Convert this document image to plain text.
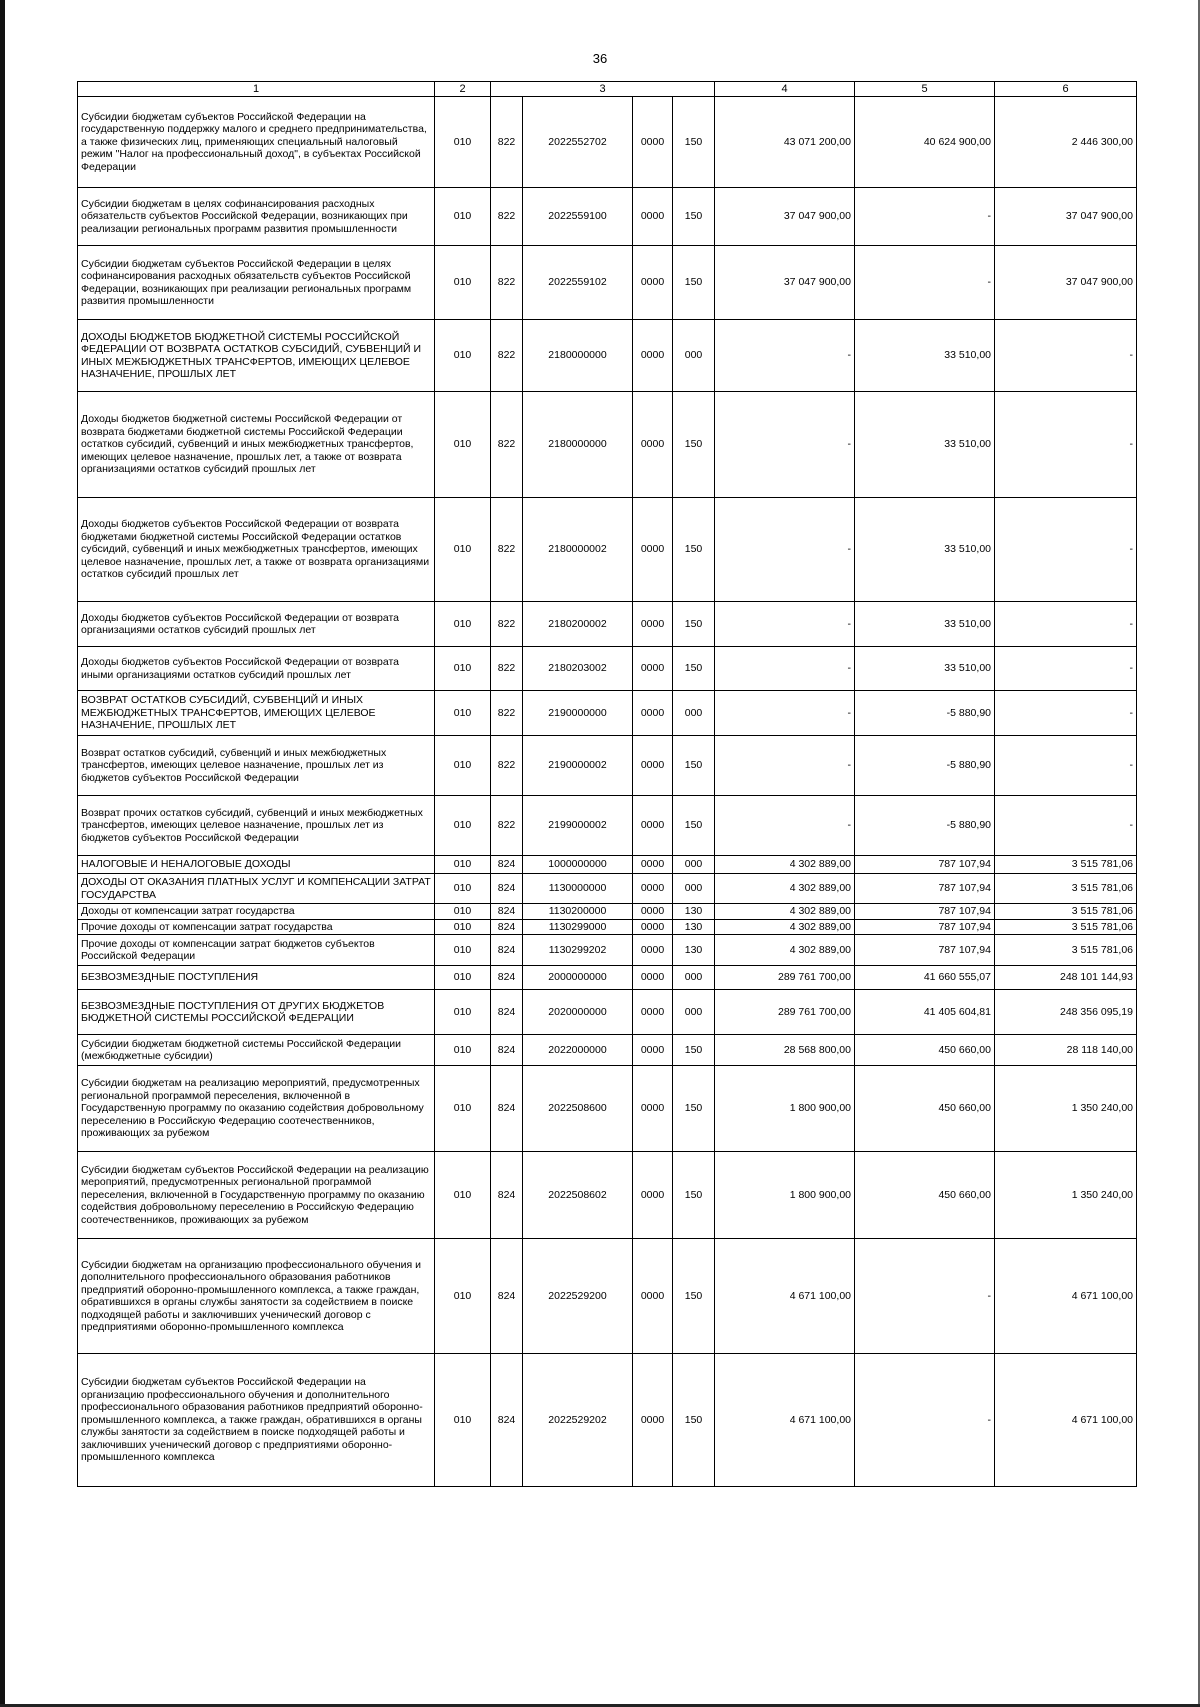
36
1	2	3				4	5	6
Субсидии бюджетам субъектов Российской Федерации на государственную поддержку малого и среднего предпринимательства, а также физических лиц, применяющих специальный налоговый режим "Налог на профессиональный доход", в субъектах Российской Федерации	010	822	2022552702	0000	150	43 071 200,00	40 624 900,00	2 446 300,00
Субсидии бюджетам в целях софинансирования расходных обязательств субъектов Российской Федерации, возникающих при реализации региональных программ развития промышленности	010	822	2022559100	0000	150	37 047 900,00	-	37 047 900,00
Субсидии бюджетам субъектов Российской Федерации в целях софинансирования расходных обязательств субъектов Российской Федерации, возникающих при реализации региональных программ развития промышленности	010	822	2022559102	0000	150	37 047 900,00	-	37 047 900,00
ДОХОДЫ БЮДЖЕТОВ БЮДЖЕТНОЙ СИСТЕМЫ РОССИЙСКОЙ ФЕДЕРАЦИИ ОТ ВОЗВРАТА ОСТАТКОВ СУБСИДИЙ, СУБВЕНЦИЙ И ИНЫХ МЕЖБЮДЖЕТНЫХ ТРАНСФЕРТОВ, ИМЕЮЩИХ ЦЕЛЕВОЕ НАЗНАЧЕНИЕ, ПРОШЛЫХ ЛЕТ	010	822	2180000000	0000	000	-	33 510,00	-
Доходы бюджетов бюджетной системы Российской Федерации от возврата бюджетами бюджетной системы Российской Федерации остатков субсидий, субвенций и иных межбюджетных трансфертов, имеющих целевое назначение, прошлых лет, а также от возврата организациями остатков субсидий прошлых лет	010	822	2180000000	0000	150	-	33 510,00	-
Доходы бюджетов субъектов Российской Федерации от возврата бюджетами бюджетной системы Российской Федерации остатков субсидий, субвенций и иных межбюджетных трансфертов, имеющих целевое назначение, прошлых лет, а также от возврата организациями остатков субсидий прошлых лет	010	822	2180000002	0000	150	-	33 510,00	-
Доходы бюджетов субъектов Российской Федерации от возврата организациями остатков субсидий прошлых лет	010	822	2180200002	0000	150	-	33 510,00	-
Доходы бюджетов субъектов Российской Федерации от возврата иными организациями остатков субсидий прошлых лет	010	822	2180203002	0000	150	-	33 510,00	-
ВОЗВРАТ ОСТАТКОВ СУБСИДИЙ, СУБВЕНЦИЙ И ИНЫХ МЕЖБЮДЖЕТНЫХ ТРАНСФЕРТОВ, ИМЕЮЩИХ ЦЕЛЕВОЕ НАЗНАЧЕНИЕ, ПРОШЛЫХ ЛЕТ	010	822	2190000000	0000	000	-	-5 880,90	-
Возврат остатков субсидий, субвенций и иных межбюджетных трансфертов, имеющих целевое назначение, прошлых лет из бюджетов субъектов Российской Федерации	010	822	2190000002	0000	150	-	-5 880,90	-
Возврат прочих остатков субсидий, субвенций и иных межбюджетных трансфертов, имеющих целевое назначение, прошлых лет из бюджетов субъектов Российской Федерации	010	822	2199000002	0000	150	-	-5 880,90	-
НАЛОГОВЫЕ И НЕНАЛОГОВЫЕ ДОХОДЫ	010	824	1000000000	0000	000	4 302 889,00	787 107,94	3 515 781,06
ДОХОДЫ ОТ ОКАЗАНИЯ ПЛАТНЫХ УСЛУГ И КОМПЕНСАЦИИ ЗАТРАТ ГОСУДАРСТВА	010	824	1130000000	0000	000	4 302 889,00	787 107,94	3 515 781,06
Доходы от компенсации затрат государства	010	824	1130200000	0000	130	4 302 889,00	787 107,94	3 515 781,06
Прочие доходы от компенсации затрат государства	010	824	1130299000	0000	130	4 302 889,00	787 107,94	3 515 781,06
Прочие доходы от компенсации затрат бюджетов субъектов Российской Федерации	010	824	1130299202	0000	130	4 302 889,00	787 107,94	3 515 781,06
БЕЗВОЗМЕЗДНЫЕ ПОСТУПЛЕНИЯ	010	824	2000000000	0000	000	289 761 700,00	41 660 555,07	248 101 144,93
БЕЗВОЗМЕЗДНЫЕ ПОСТУПЛЕНИЯ ОТ ДРУГИХ БЮДЖЕТОВ БЮДЖЕТНОЙ СИСТЕМЫ РОССИЙСКОЙ ФЕДЕРАЦИИ	010	824	2020000000	0000	000	289 761 700,00	41 405 604,81	248 356 095,19
Субсидии бюджетам бюджетной системы Российской Федерации (межбюджетные субсидии)	010	824	2022000000	0000	150	28 568 800,00	450 660,00	28 118 140,00
Субсидии бюджетам на реализацию мероприятий, предусмотренных региональной программой переселения, включенной в Государственную программу по оказанию содействия добровольному переселению в Российскую Федерацию соотечественников, проживающих за рубежом	010	824	2022508600	0000	150	1 800 900,00	450 660,00	1 350 240,00
Субсидии бюджетам субъектов Российской Федерации на реализацию мероприятий, предусмотренных региональной программой переселения, включенной в Государственную программу по оказанию содействия добровольному переселению в Российскую Федерацию соотечественников, проживающих за рубежом	010	824	2022508602	0000	150	1 800 900,00	450 660,00	1 350 240,00
Субсидии бюджетам на организацию профессионального обучения и дополнительного профессионального образования работников предприятий оборонно-промышленного комплекса, а также граждан, обратившихся в органы службы занятости за содействием в поиске подходящей работы и заключивших ученический договор с предприятиями оборонно-промышленного комплекса	010	824	2022529200	0000	150	4 671 100,00	-	4 671 100,00
Субсидии бюджетам субъектов Российской Федерации на организацию профессионального обучения и дополнительного профессионального образования работников предприятий оборонно-промышленного комплекса, а также граждан, обратившихся в органы службы занятости за содействием в поиске подходящей работы и заключивших ученический договор с предприятиями оборонно-промышленного комплекса	010	824	2022529202	0000	150	4 671 100,00	-	4 671 100,00
